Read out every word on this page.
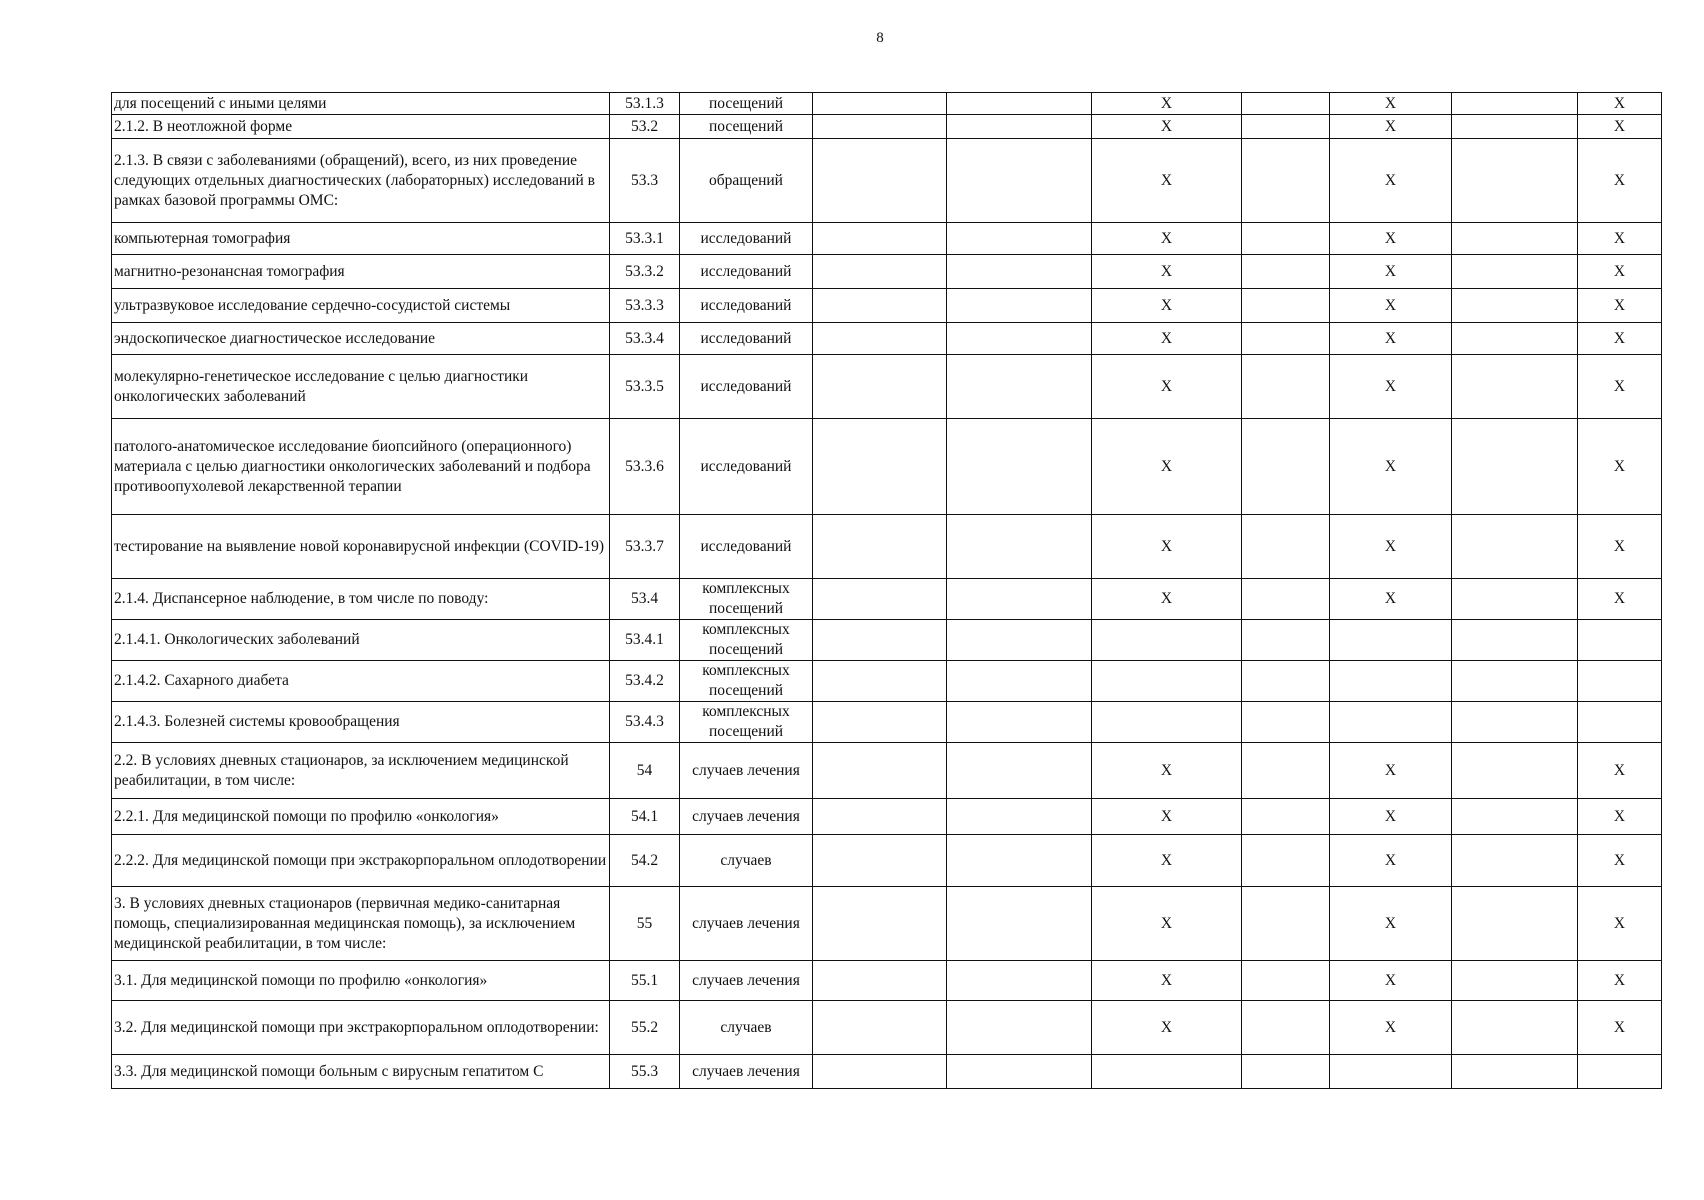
8
для посещений с иными целями	53.1.3	посещений			Х		Х		Х
2.1.2. В неотложной форме	53.2	посещений			Х		Х		Х
2.1.3. В связи с заболеваниями (обращений), всего, из них проведение следующих отдельных диагностических (лабораторных) исследований в рамках базовой программы ОМС:	53.3	обращений			Х		Х		Х
компьютерная томография	53.3.1	исследований			Х		Х		Х
магнитно-резонансная томография	53.3.2	исследований			Х		Х		Х
ультразвуковое исследование сердечно-сосудистой системы	53.3.3	исследований			Х		Х		Х
эндоскопическое диагностическое исследование	53.3.4	исследований			Х		Х		Х
молекулярно-генетическое исследование с целью диагностики онкологических заболеваний	53.3.5	исследований			Х		Х		Х
патолого-анатомическое исследование биопсийного (операционного) материала с целью диагностики онкологических заболеваний и подбора противоопухолевой лекарственной терапии	53.3.6	исследований			Х		Х		Х
тестирование на выявление новой коронавирусной инфекции (COVID-19)	53.3.7	исследований			Х		Х		Х
2.1.4. Диспансерное наблюдение, в том числе по поводу:	53.4	комплексных посещений			Х		Х		Х
2.1.4.1. Онкологических заболеваний	53.4.1	комплексных посещений							
2.1.4.2. Сахарного диабета	53.4.2	комплексных посещений							
2.1.4.3. Болезней системы кровообращения	53.4.3	комплексных посещений							
2.2. В условиях дневных стационаров, за исключением медицинской реабилитации, в том числе:	54	случаев лечения			Х		Х		Х
2.2.1. Для медицинской помощи по профилю «онкология»	54.1	случаев лечения			Х		Х		Х
2.2.2. Для медицинской помощи при экстракорпоральном оплодотворении	54.2	случаев			Х		Х		Х
3. В условиях дневных стационаров (первичная медико-санитарная помощь, специализированная медицинская помощь), за исключением медицинской реабилитации, в том числе:	55	случаев лечения			Х		Х		Х
3.1. Для медицинской помощи по профилю «онкология»	55.1	случаев лечения			Х		Х		Х
3.2. Для медицинской помощи при экстракорпоральном оплодотворении:	55.2	случаев			Х		Х		Х
3.3. Для медицинской помощи больным с вирусным гепатитом С	55.3	случаев лечения							
